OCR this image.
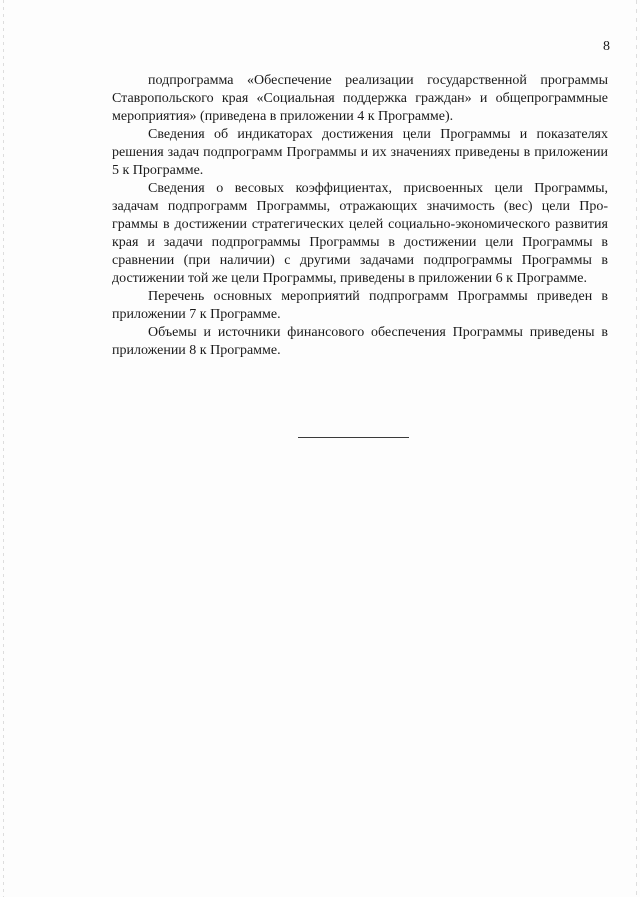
8

подпрограмма «Обеспечение реализации государственной программы Ставропольского края «Социальная поддержка граждан» и общепрограммные мероприятия» (приведена в приложении 4 к Программе).

Сведения об индикаторах достижения цели Программы и показателях решения задач подпрограмм Программы и их значениях приведены в приложении 5 к Программе.

Сведения о весовых коэффициентах, присвоенных цели Программы, задачам подпрограмм Программы, отражающих значимость (вес) цели Программы в достижении стратегических целей социально-экономического развития края и задачи подпрограммы Программы в достижении цели Программы в сравнении (при наличии) с другими задачами подпрограммы Программы в достижении той же цели Программы, приведены в приложении 6 к Программе.

Перечень основных мероприятий подпрограмм Программы приведен в приложении 7 к Программе.

Объемы и источники финансового обеспечения Программы приведены в приложении 8 к Программе.
